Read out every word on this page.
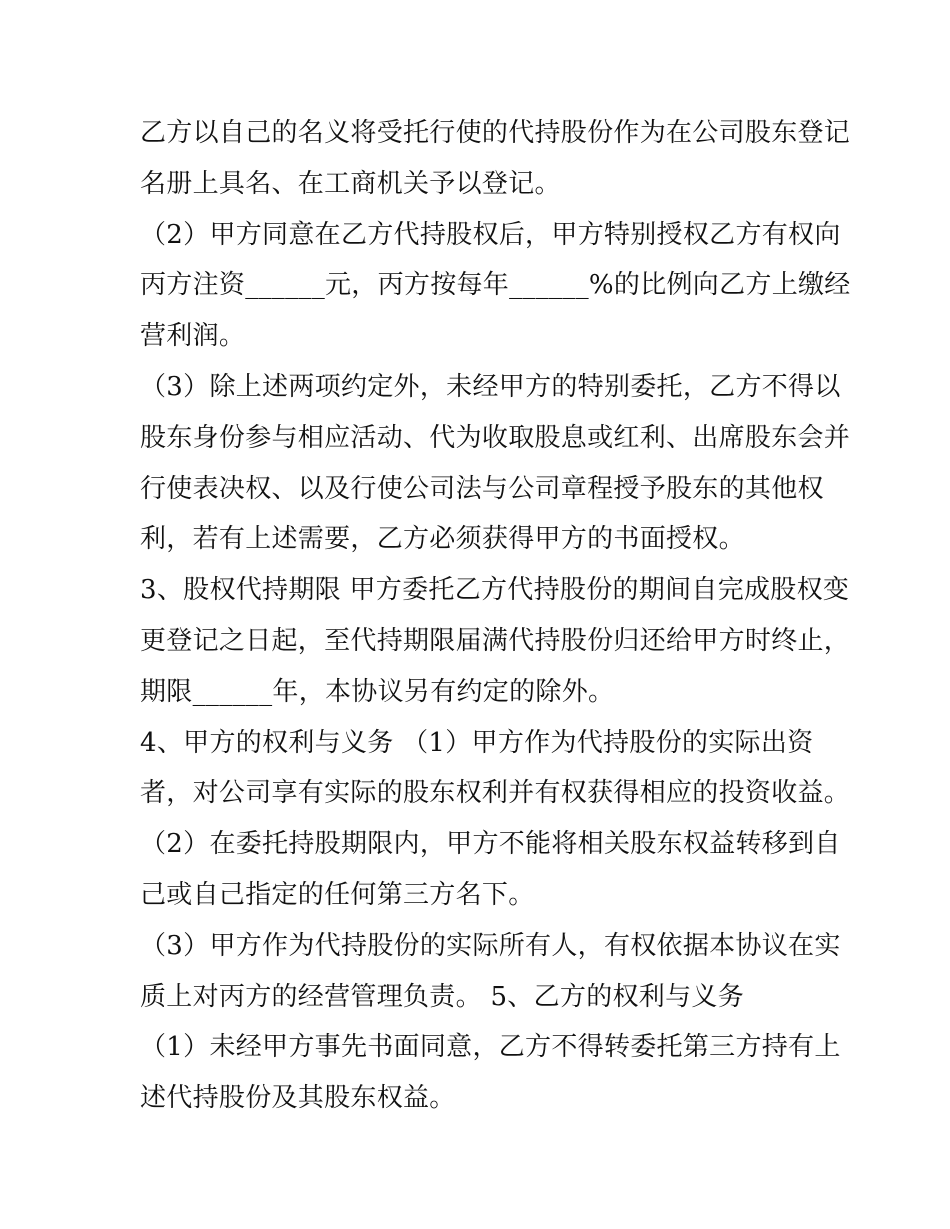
乙方以自己的名义将受托行使的代持股份作为在公司股东登记
名册上具名、在工商机关予以登记。
（2）甲方同意在乙方代持股权后，甲方特别授权乙方有权向
丙方注资______元，丙方按每年______%的比例向乙方上缴经
营利润。
（3）除上述两项约定外，未经甲方的特别委托，乙方不得以
股东身份参与相应活动、代为收取股息或红利、出席股东会并
行使表决权、以及行使公司法与公司章程授予股东的其他权
利，若有上述需要，乙方必须获得甲方的书面授权。
3、股权代持期限 甲方委托乙方代持股份的期间自完成股权变
更登记之日起，至代持期限届满代持股份归还给甲方时终止，
期限______年，本协议另有约定的除外。
4、甲方的权利与义务 （1）甲方作为代持股份的实际出资
者，对公司享有实际的股东权利并有权获得相应的投资收益。
（2）在委托持股期限内，甲方不能将相关股东权益转移到自
己或自己指定的任何第三方名下。
（3）甲方作为代持股份的实际所有人，有权依据本协议在实
质上对丙方的经营管理负责。 5、乙方的权利与义务
（1）未经甲方事先书面同意，乙方不得转委托第三方持有上
述代持股份及其股东权益。
